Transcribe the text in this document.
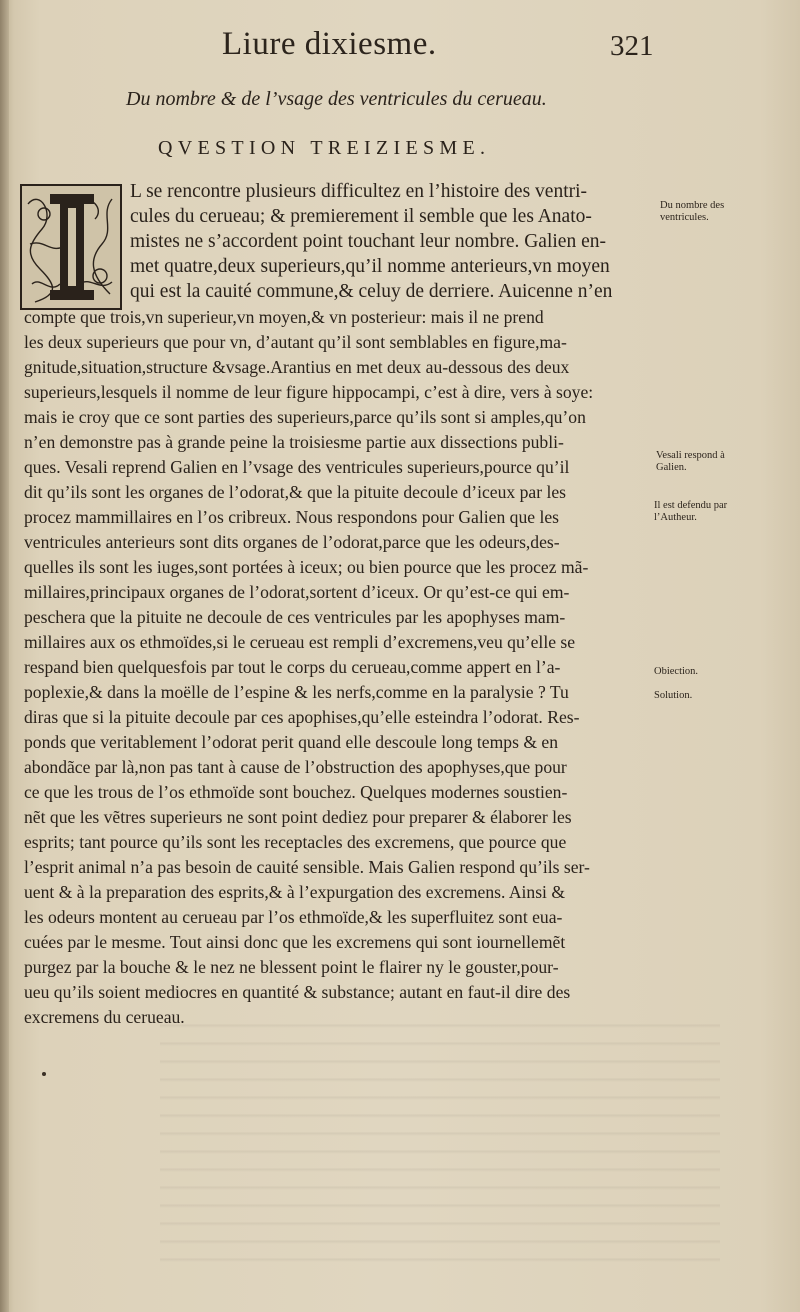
Liure dixiesme.	321
Du nombre & de l’vsage des ventricules du cerueau.
QVESTION TREIZIESME.
L se rencontre plusieurs difficultez en l’histoire des ventri-
cules du cerueau; & premierement il semble que les Anato-
mistes ne s’accordent point touchant leur nombre. Galien en-
met quatre,deux superieurs,qu’il nomme anterieurs,vn moyen
qui est la cauité commune,& celuy de derriere. Auicenne n’en
compte que trois,vn superieur,vn moyen,& vn posterieur: mais il ne prend
les deux superieurs que pour vn, d’autant qu’il sont semblables en figure,ma-
gnitude,situation,structure &vsage.Arantius en met deux au-dessous des deux
superieurs,lesquels il nomme de leur figure hippocampi, c’est à dire, vers à soye:
mais ie croy que ce sont parties des superieurs,parce qu’ils sont si amples,qu’on
n’en demonstre pas à grande peine la troisiesme partie aux dissections publi-
ques. Vesali reprend Galien en l’vsage des ventricules superieurs,pource qu’il
dit qu’ils sont les organes de l’odorat,& que la pituite decoule d’iceux par les
procez mammillaires en l’os cribreux. Nous respondons pour Galien que les
ventricules anterieurs sont dits organes de l’odorat,parce que les odeurs,des-
quelles ils sont les iuges,sont portées à iceux; ou bien pource que les procez mã-
millaires,principaux organes de l’odorat,sortent d’iceux. Or qu’est-ce qui em-
peschera que la pituite ne decoule de ces ventricules par les apophyses mam-
millaires aux os ethmoïdes,si le cerueau est rempli d’excremens,veu qu’elle se
respand bien quelquesfois par tout le corps du cerueau,comme appert en l’a-
poplexie,& dans la moëlle de l’espine & les nerfs,comme en la paralysie ? Tu
diras que si la pituite decoule par ces apophises,qu’elle esteindra l’odorat. Res-
ponds que veritablement l’odorat perit quand elle descoule long temps & en
abondãce par là,non pas tant à cause de l’obstruction des apophyses,que pour
ce que les trous de l’os ethmoïde sont bouchez. Quelques modernes soustien-
nẽt que les vẽtres superieurs ne sont point dediez pour preparer & élaborer les
esprits; tant pource qu’ils sont les receptacles des excremens, que pource que
l’esprit animal n’a pas besoin de cauité sensible. Mais Galien respond qu’ils ser-
uent & à la preparation des esprits,& à l’expurgation des excremens. Ainsi &
les odeurs montent au cerueau par l’os ethmoïde,& les superfluitez sont eua-
cuées par le mesme. Tout ainsi donc que les excremens qui sont iournellemẽt
purgez par la bouche & le nez ne blessent point le flairer ny le gouster,pour-
ueu qu’ils soient mediocres en quantité & substance; autant en faut-il dire des
excremens du cerueau.
Du nombre des
ventricules.
Vesali respond à
Galien.
Il est defendu par
l’Autheur.
Obiection.
Solution.
